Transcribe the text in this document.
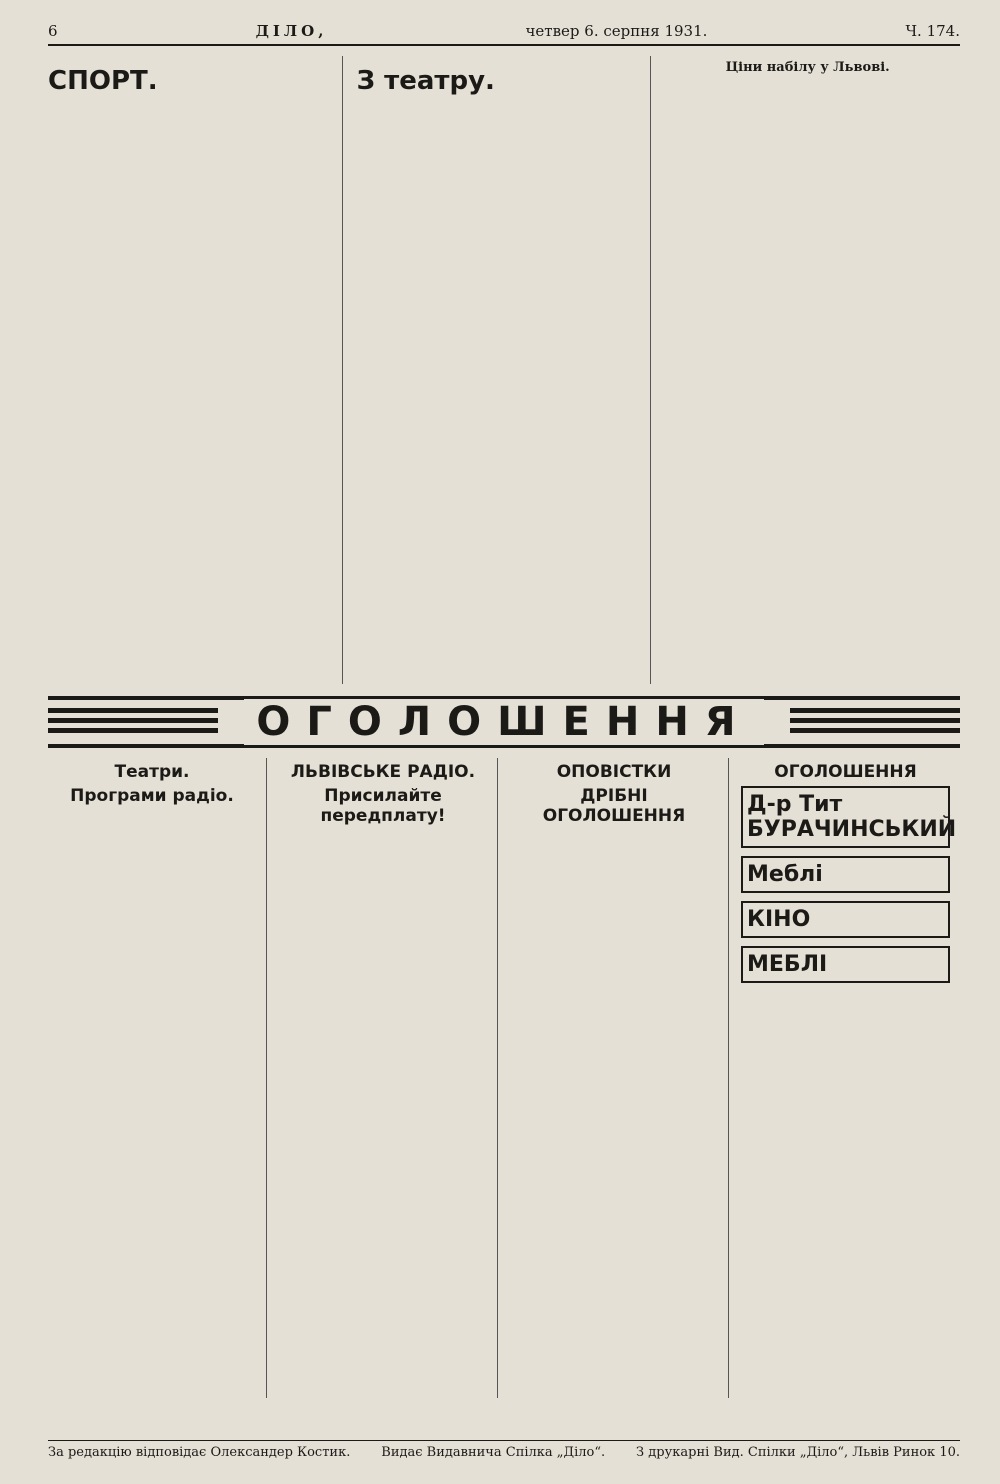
6	ДІЛО,	четвер 6. серпня 1931.	Ч. 174.
СПОРТ.	З театру.	Ціни набілу у Львові.
ОГОЛОШЕННЯ
Театри.
Програми радіо.
ЛЬВІВСЬКЕ РАДІО.
Присилайте передплату!
ОПОВІСТКИ
ДРІБНІ ОГОЛОШЕННЯ
ОГОЛОШЕННЯ
Д-р Тит БУРАЧИНСЬКИЙ
Меблі
КІНО
МЕБЛІ
За редакцію відповідає Олександер Костик. Видає Видавнича Спілка „Діло“. З друкарні Вид. Спілки „Діло“, Львів Ринок 10.
